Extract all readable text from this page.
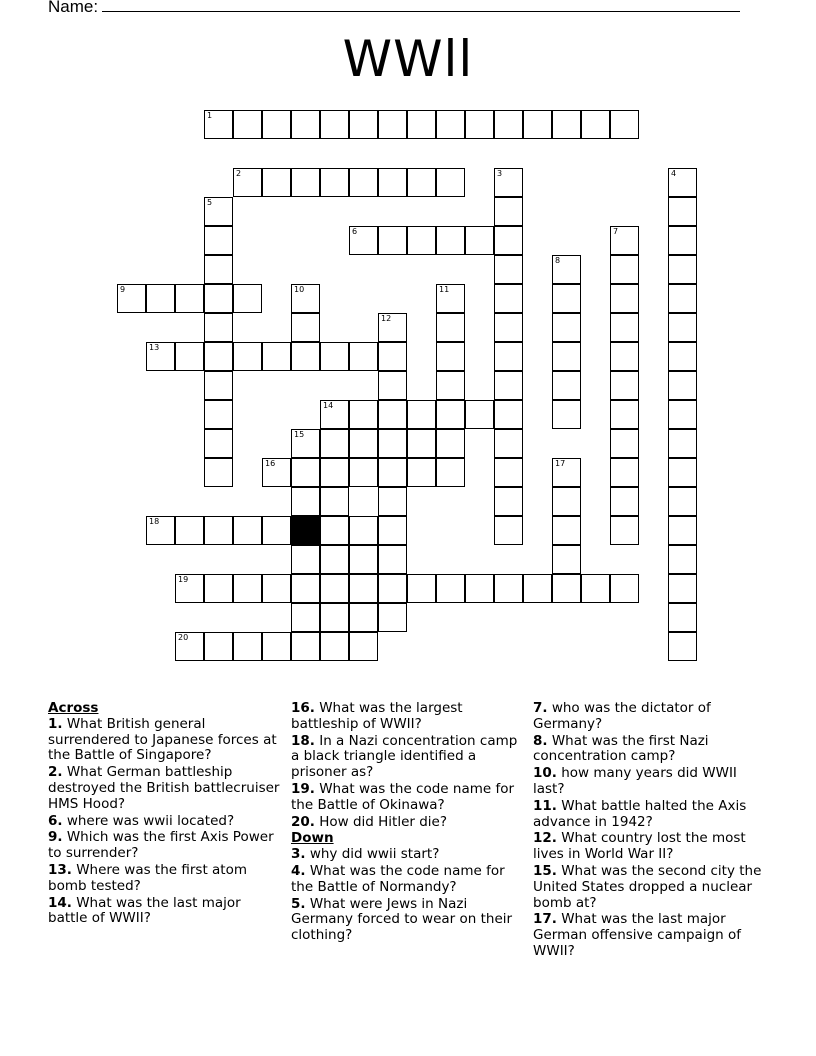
Name:
WWll
1
2	3	4
5
6	7
8
9	10	11
12
13
14
15
16	17
18
19
20
Across
1. What British general surrendered to Japanese forces at the Battle of Singapore?
2. What German battleship destroyed the British battlecruiser HMS Hood?
6. where was wwii located?
9. Which was the first Axis Power to surrender?
13. Where was the first atom bomb tested?
14. What was the last major battle of WWII?
16. What was the largest battleship of WWII?
18. In a Nazi concentration camp a black triangle identified a prisoner as?
19. What was the code name for the Battle of Okinawa?
20. How did Hitler die?
Down
3. why did wwii start?
4. What was the code name for the Battle of Normandy?
5. What were Jews in Nazi Germany forced to wear on their clothing?
7. who was the dictator of Germany?
8. What was the first Nazi concentration camp?
10. how many years did WWII last?
11. What battle halted the Axis advance in 1942?
12. What country lost the most lives in World War II?
15. What was the second city the United States dropped a nuclear bomb at?
17. What was the last major German offensive campaign of WWII?
